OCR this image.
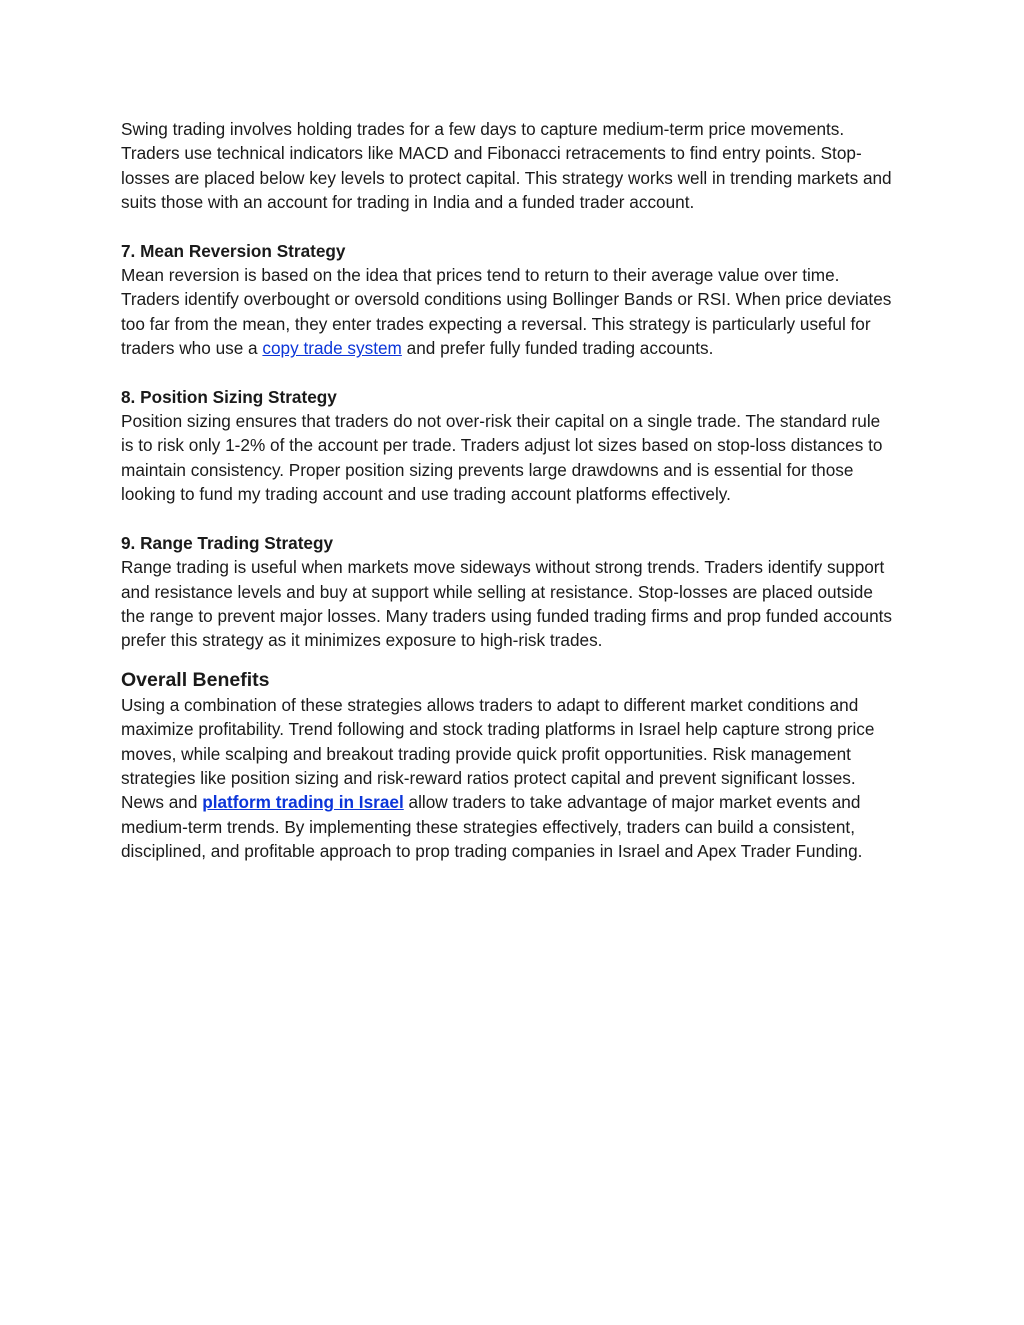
Swing trading involves holding trades for a few days to capture medium-term price movements. Traders use technical indicators like MACD and Fibonacci retracements to find entry points. Stop-losses are placed below key levels to protect capital. This strategy works well in trending markets and suits those with an account for trading in India and a funded trader account.

7. Mean Reversion Strategy

Mean reversion is based on the idea that prices tend to return to their average value over time. Traders identify overbought or oversold conditions using Bollinger Bands or RSI. When price deviates too far from the mean, they enter trades expecting a reversal. This strategy is particularly useful for traders who use a copy trade system and prefer fully funded trading accounts.

8. Position Sizing Strategy

Position sizing ensures that traders do not over-risk their capital on a single trade. The standard rule is to risk only 1-2% of the account per trade. Traders adjust lot sizes based on stop-loss distances to maintain consistency. Proper position sizing prevents large drawdowns and is essential for those looking to fund my trading account and use trading account platforms effectively.

9. Range Trading Strategy

Range trading is useful when markets move sideways without strong trends. Traders identify support and resistance levels and buy at support while selling at resistance. Stop-losses are placed outside the range to prevent major losses. Many traders using funded trading firms and prop funded accounts prefer this strategy as it minimizes exposure to high-risk trades.

Overall Benefits

Using a combination of these strategies allows traders to adapt to different market conditions and maximize profitability. Trend following and stock trading platforms in Israel help capture strong price moves, while scalping and breakout trading provide quick profit opportunities. Risk management strategies like position sizing and risk-reward ratios protect capital and prevent significant losses. News and platform trading in Israel allow traders to take advantage of major market events and medium-term trends. By implementing these strategies effectively, traders can build a consistent, disciplined, and profitable approach to prop trading companies in Israel and Apex Trader Funding.
